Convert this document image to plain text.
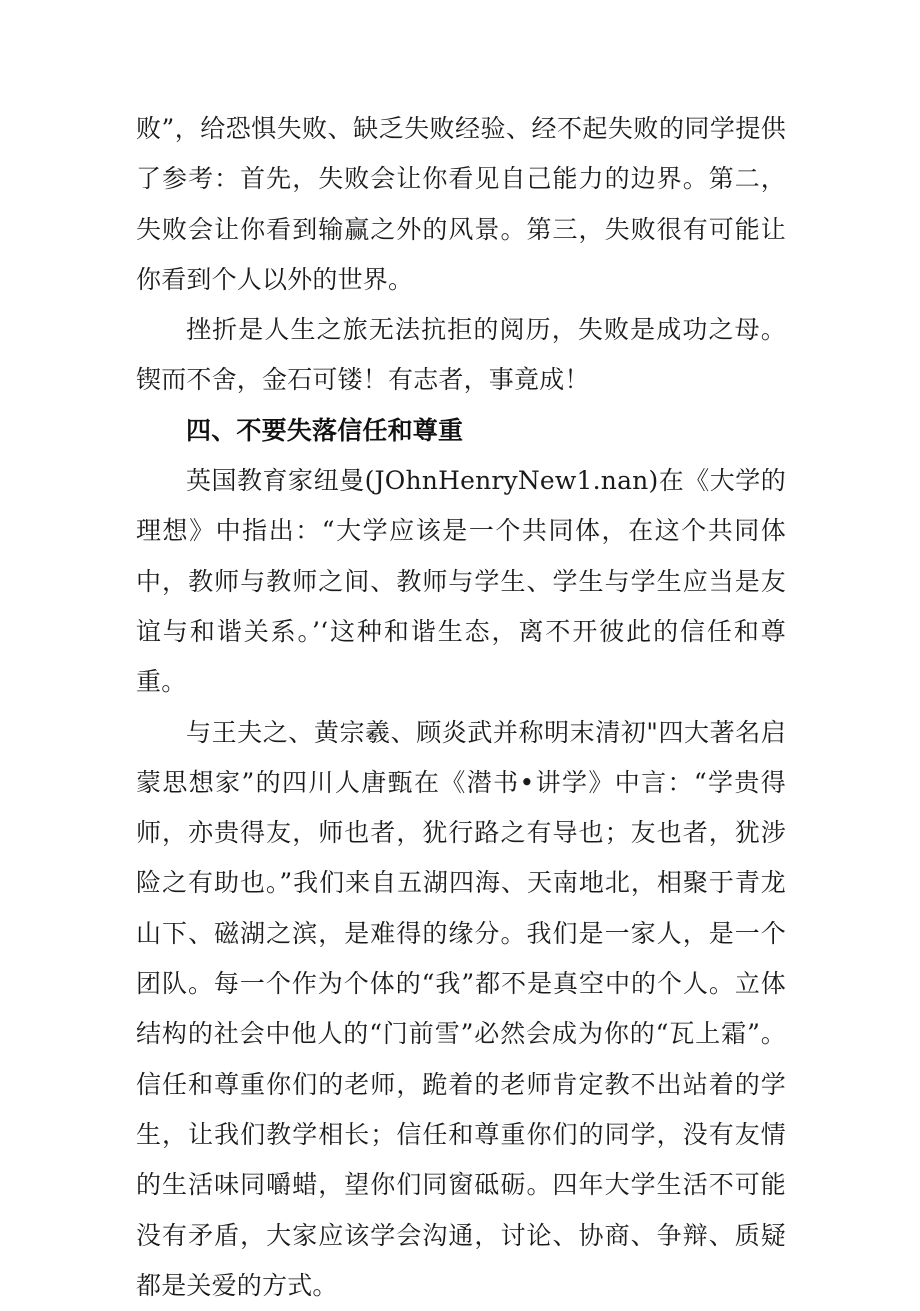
败”，给恐惧失败、缺乏失败经验、经不起失败的同学提供了参考：首先，失败会让你看见自己能力的边界。第二，失败会让你看到输赢之外的风景。第三，失败很有可能让你看到个人以外的世界。

挫折是人生之旅无法抗拒的阅历，失败是成功之母。锲而不舍，金石可镂！有志者，事竟成！

四、不要失落信任和尊重

英国教育家纽曼(JOhnHenryNew1.nan)在《大学的理想》中指出：“大学应该是一个共同体，在这个共同体中，教师与教师之间、教师与学生、学生与学生应当是友谊与和谐关系。’‘这种和谐生态，离不开彼此的信任和尊重。

与王夫之、黄宗羲、顾炎武并称明末清初"四大著名启蒙思想家”的四川人唐甄在《潜书•讲学》中言：“学贵得师，亦贵得友，师也者，犹行路之有导也；友也者，犹涉险之有助也。”我们来自五湖四海、天南地北，相聚于青龙山下、磁湖之滨，是难得的缘分。我们是一家人，是一个团队。每一个作为个体的“我”都不是真空中的个人。立体结构的社会中他人的“门前雪”必然会成为你的“瓦上霜”。信任和尊重你们的老师，跪着的老师肯定教不出站着的学生，让我们教学相长；信任和尊重你们的同学，没有友情的生活味同嚼蜡，望你们同窗砥砺。四年大学生活不可能没有矛盾，大家应该学会沟通，讨论、协商、争辩、质疑都是关爱的方式。
